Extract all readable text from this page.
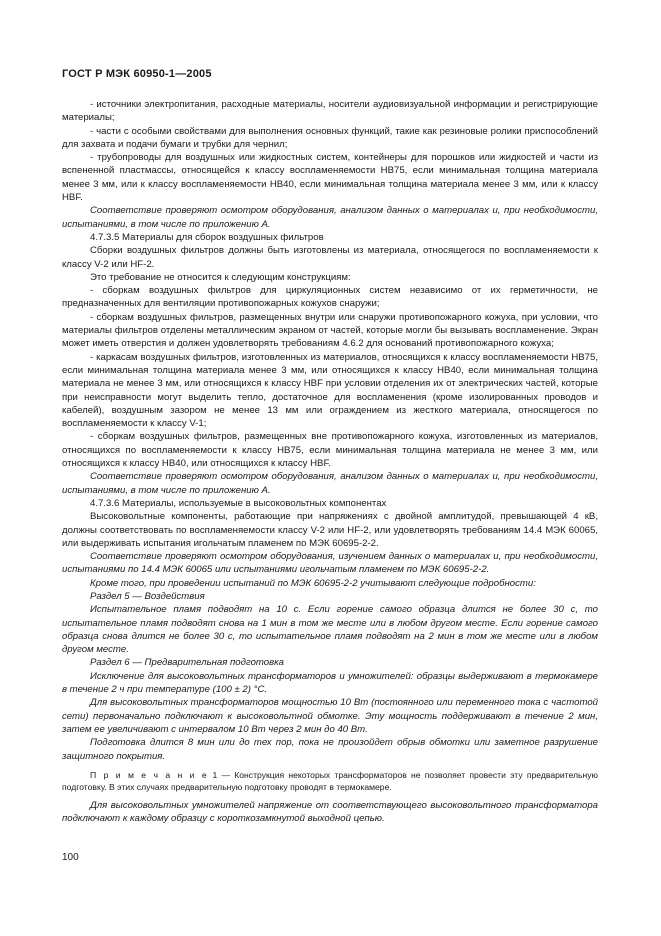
ГОСТ Р МЭК 60950-1—2005

- источники электропитания, расходные материалы, носители аудиовизуальной информации и регистрирующие материалы;

- части с особыми свойствами для выполнения основных функций, такие как резиновые ролики приспособлений для захвата и подачи бумаги и трубки для чернил;

- трубопроводы для воздушных или жидкостных систем, контейнеры для порошков или жидкостей и части из вспененной пластмассы, относящейся к классу воспламеняемости НВ75, если минимальная толщина материала менее 3 мм, или к классу воспламеняемости НВ40, если минимальная толщина материала менее 3 мм, или к классу HBF.

Соответствие проверяют осмотром оборудования, анализом данных о материалах и, при необходимости, испытаниями, в том числе по приложению А.

4.7.3.5 Материалы для сборок воздушных фильтров

Сборки воздушных фильтров должны быть изготовлены из материала, относящегося по воспламеняемости к классу V-2 или HF-2.

Это требование не относится к следующим конструкциям:

- сборкам воздушных фильтров для циркуляционных систем независимо от их герметичности, не предназначенных для вентиляции противопожарных кожухов снаружи;

- сборкам воздушных фильтров, размещенных внутри или снаружи противопожарного кожуха, при условии, что материалы фильтров отделены металлическим экраном от частей, которые могли бы вызывать воспламенение. Экран может иметь отверстия и должен удовлетворять требованиям 4.6.2 для оснований противопожарного кожуха;

- каркасам воздушных фильтров, изготовленных из материалов, относящихся к классу воспламеняемости НВ75, если минимальная толщина материала менее 3 мм, или относящихся к классу НВ40, если минимальная толщина материала не менее 3 мм, или относящихся к классу HBF при условии отделения их от электрических частей, которые при неисправности могут выделить тепло, достаточное для воспламенения (кроме изолированных проводов и кабелей), воздушным зазором не менее 13 мм или ограждением из жесткого материала, относящегося по воспламеняемости к классу V-1;

- сборкам воздушных фильтров, размещенных вне противопожарного кожуха, изготовленных из материалов, относящихся по воспламеняемости к классу НВ75, если минимальная толщина материала не менее 3 мм, или относящихся к классу НВ40, или относящихся к классу HBF.

Соответствие проверяют осмотром оборудования, анализом данных о материалах и, при необходимости, испытаниями, в том числе по приложению А.

4.7.3.6 Материалы, используемые в высоковольтных компонентах

Высоковольтные компоненты, работающие при напряжениях с двойной амплитудой, превышающей 4 кВ, должны соответствовать по воспламеняемости классу V-2 или HF-2, или удовлетворять требованиям 14.4 МЭК 60065, или выдерживать испытания игольчатым пламенем по МЭК 60695-2-2.

Соответствие проверяют осмотром оборудования, изучением данных о материалах и, при необходимости, испытаниями по 14.4 МЭК 60065 или испытаниями игольчатым пламенем по МЭК 60695-2-2.

Кроме того, при проведении испытаний по МЭК 60695-2-2 учитывают следующие подробности:

Раздел 5 — Воздействия

Испытательное пламя подводят на 10 с. Если горение самого образца длится не более 30 с, то испытательное пламя подводят снова на 1 мин в том же месте или в любом другом месте. Если горение самого образца снова длится не более 30 с, то испытательное пламя подводят на 2 мин в том же месте или в любом другом месте.

Раздел 6 — Предварительная подготовка

Исключение для высоковольтных трансформаторов и умножителей: образцы выдерживают в термокамере в течение 2 ч при температуре (100 ± 2) °С.

Для высоковольтных трансформаторов мощностью 10 Вт (постоянного или переменного тока с частотой сети) первоначально подключают к высоковольтной обмотке. Эту мощность поддерживают в течение 2 мин, затем ее увеличивают с интервалом 10 Вт через 2 мин до 40 Вт.

Подготовка длится 8 мин или до тех пор, пока не произойдет обрыв обмотки или заметное разрушение защитного покрытия.

П р и м е ч а н и е 1 — Конструкция некоторых трансформаторов не позволяет провести эту предварительную подготовку. В этих случаях предварительную подготовку проводят в термокамере.

Для высоковольтных умножителей напряжение от соответствующего высоковольтного трансформатора подключают к каждому образцу с короткозамкнутой выходной цепью.

100
